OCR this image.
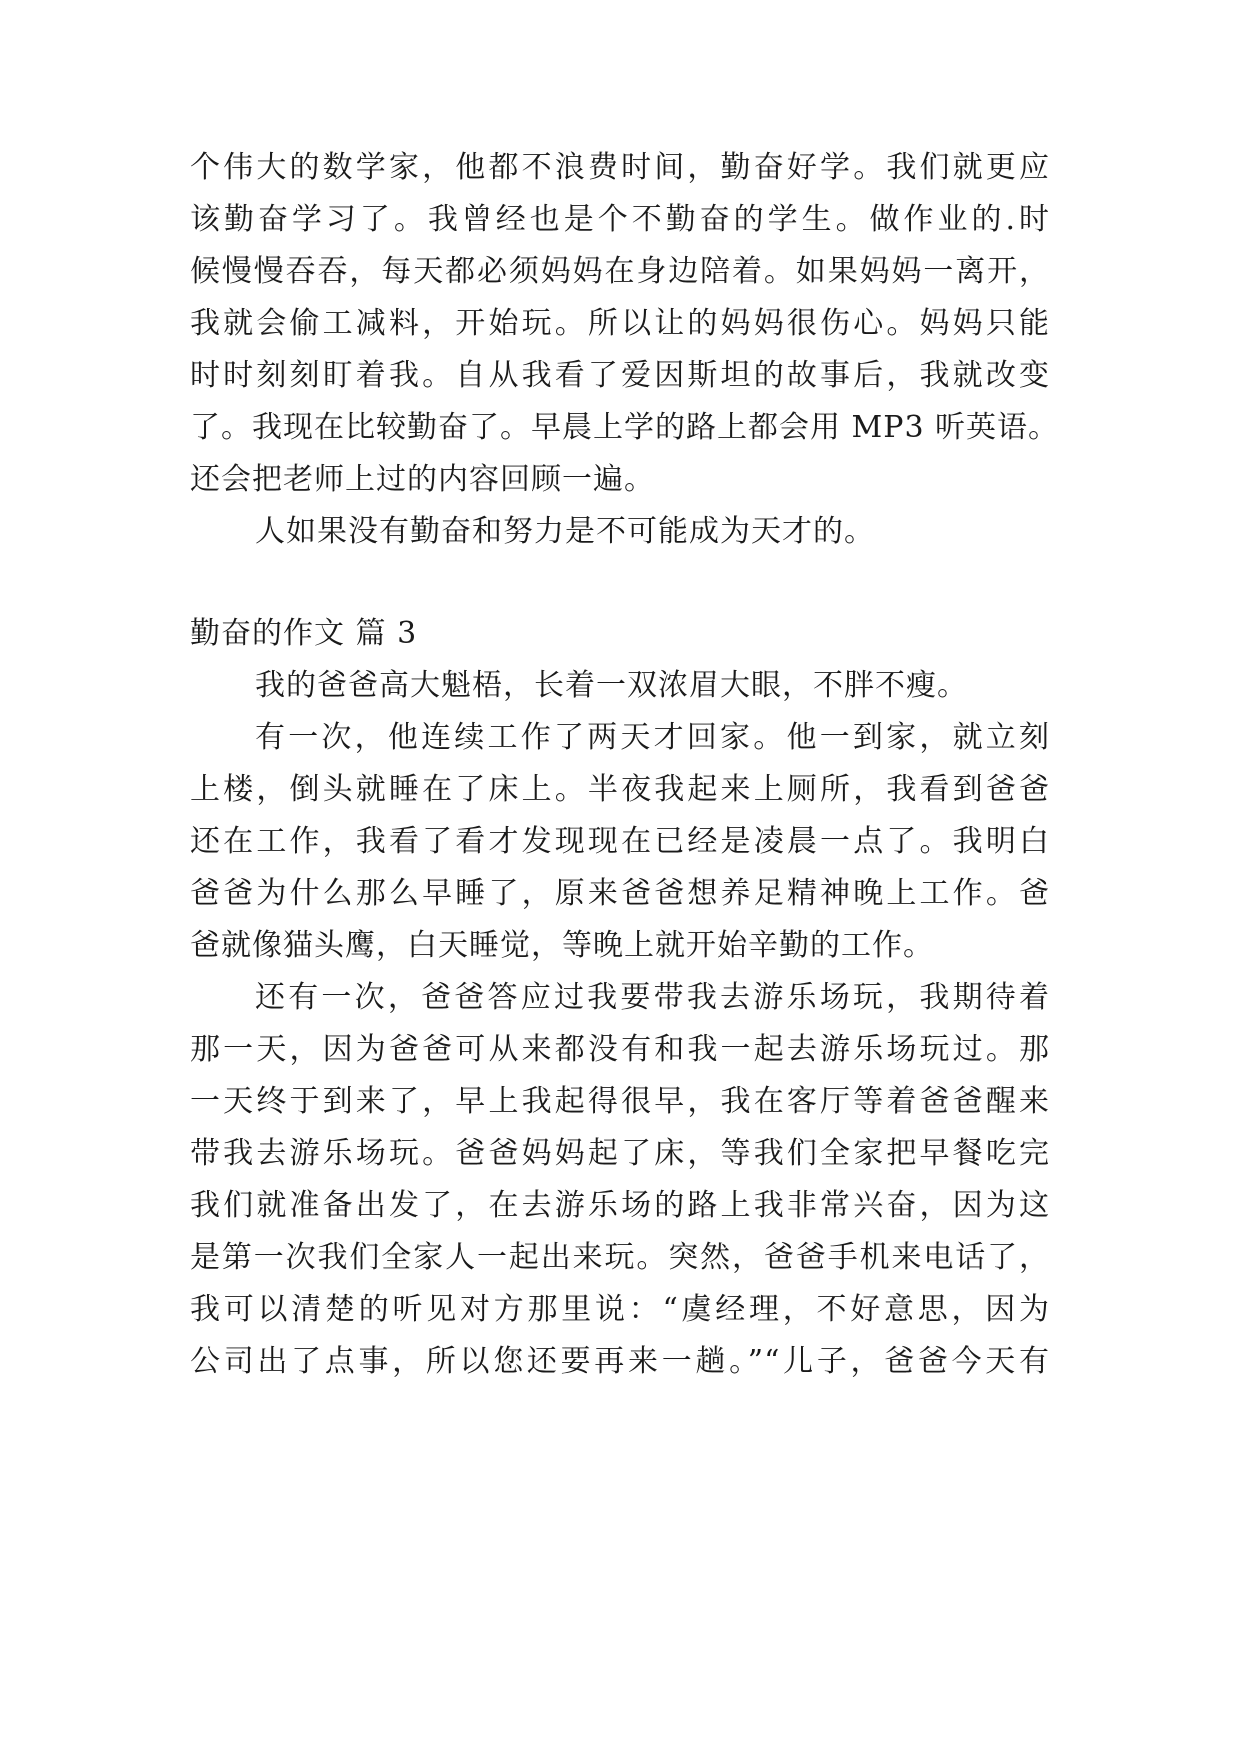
个伟大的数学家，他都不浪费时间，勤奋好学。我们就更应
该勤奋学习了。我曾经也是个不勤奋的学生。做作业的.时
候慢慢吞吞，每天都必须妈妈在身边陪着。如果妈妈一离开，
我就会偷工减料，开始玩。所以让的妈妈很伤心。妈妈只能
时时刻刻盯着我。自从我看了爱因斯坦的故事后，我就改变
了。我现在比较勤奋了。早晨上学的路上都会用 MP3 听英语。
还会把老师上过的内容回顾一遍。
人如果没有勤奋和努力是不可能成为天才的。
勤奋的作文 篇 3
我的爸爸高大魁梧，长着一双浓眉大眼，不胖不瘦。
有一次，他连续工作了两天才回家。他一到家，就立刻
上楼，倒头就睡在了床上。半夜我起来上厕所，我看到爸爸
还在工作，我看了看才发现现在已经是凌晨一点了。我明白
爸爸为什么那么早睡了，原来爸爸想养足精神晚上工作。爸
爸就像猫头鹰，白天睡觉，等晚上就开始辛勤的工作。
还有一次，爸爸答应过我要带我去游乐场玩，我期待着
那一天，因为爸爸可从来都没有和我一起去游乐场玩过。那
一天终于到来了，早上我起得很早，我在客厅等着爸爸醒来
带我去游乐场玩。爸爸妈妈起了床，等我们全家把早餐吃完
我们就准备出发了，在去游乐场的路上我非常兴奋，因为这
是第一次我们全家人一起出来玩。突然，爸爸手机来电话了，
我可以清楚的听见对方那里说：“虞经理，不好意思，因为
公司出了点事，所以您还要再来一趟。”“儿子，爸爸今天有
